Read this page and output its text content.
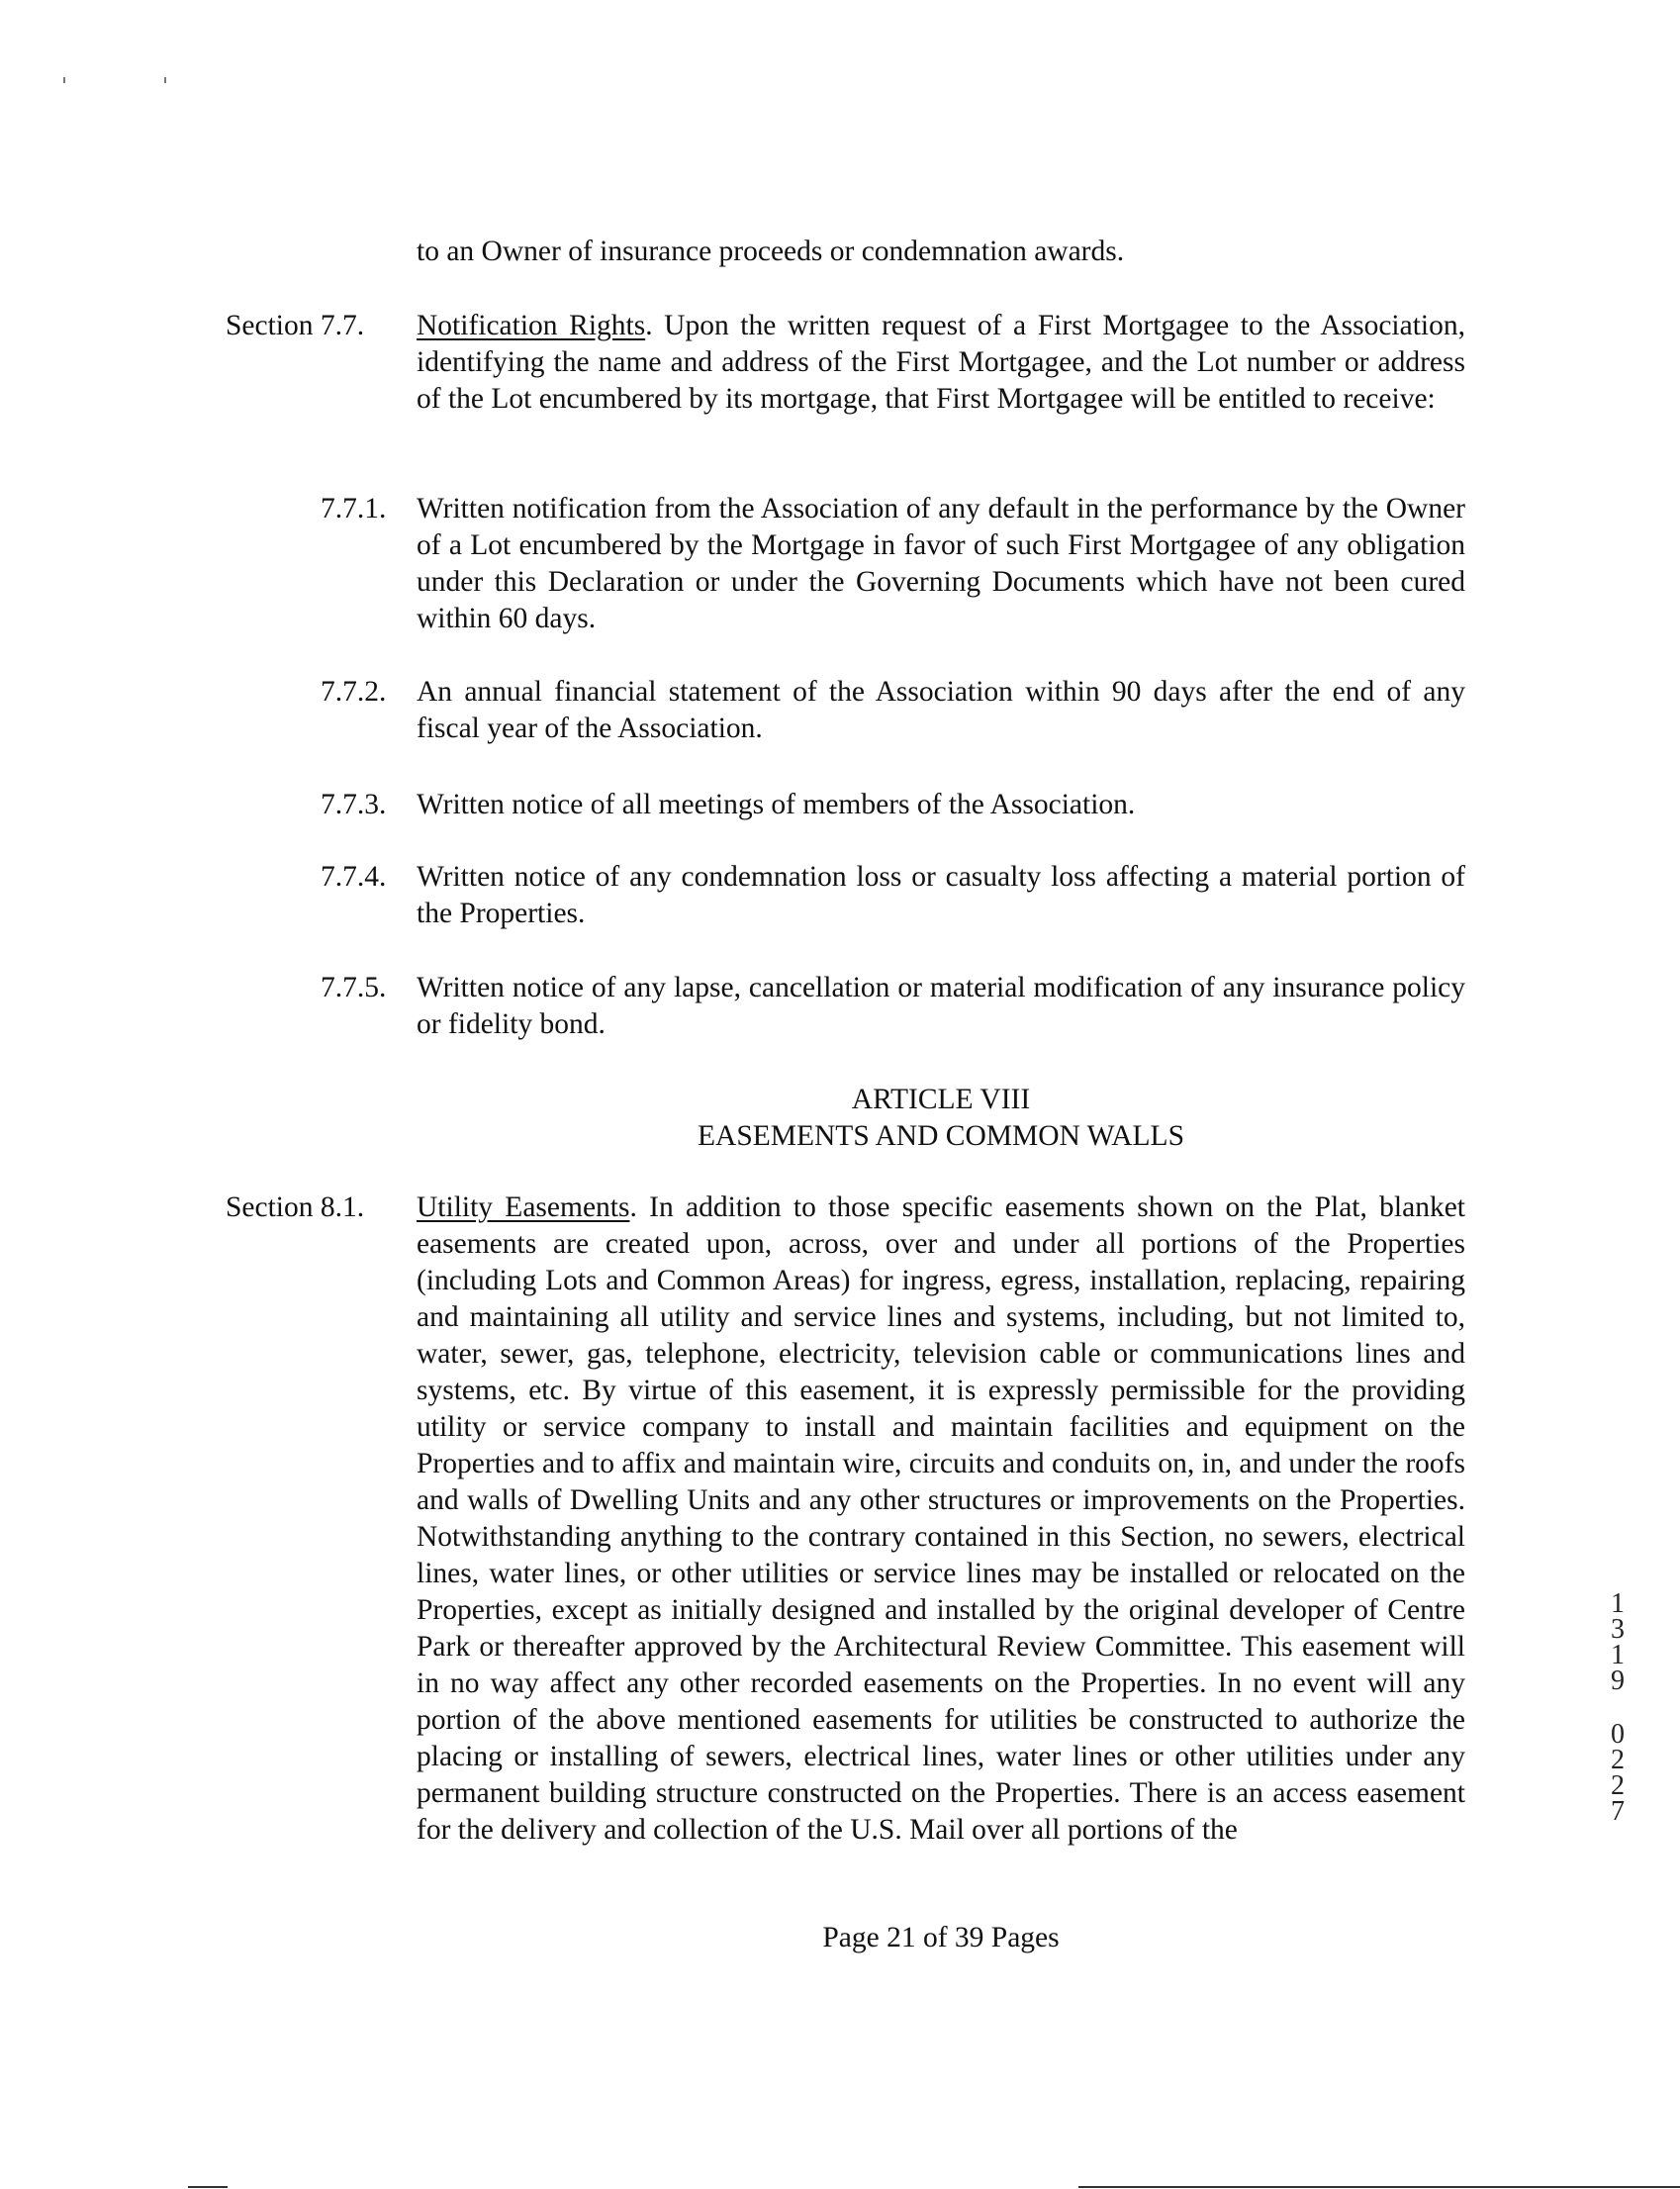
to an Owner of insurance proceeds or condemnation awards.
Section 7.7.	Notification Rights. Upon the written request of a First Mortgagee to the Association, identifying the name and address of the First Mortgagee, and the Lot number or address of the Lot encumbered by its mortgage, that First Mortgagee will be entitled to receive:
7.7.1.	Written notification from the Association of any default in the performance by the Owner of a Lot encumbered by the Mortgage in favor of such First Mortgagee of any obligation under this Declaration or under the Governing Documents which have not been cured within 60 days.
7.7.2.	An annual financial statement of the Association within 90 days after the end of any fiscal year of the Association.
7.7.3.	Written notice of all meetings of members of the Association.
7.7.4.	Written notice of any condemnation loss or casualty loss affecting a material portion of the Properties.
7.7.5.	Written notice of any lapse, cancellation or material modification of any insurance policy or fidelity bond.
ARTICLE VIII
EASEMENTS AND COMMON WALLS
Section 8.1.	Utility Easements. In addition to those specific easements shown on the Plat, blanket easements are created upon, across, over and under all portions of the Properties (including Lots and Common Areas) for ingress, egress, installation, replacing, repairing and maintaining all utility and service lines and systems, including, but not limited to, water, sewer, gas, telephone, electricity, television cable or communications lines and systems, etc. By virtue of this easement, it is expressly permissible for the providing utility or service company to install and maintain facilities and equipment on the Properties and to affix and maintain wire, circuits and conduits on, in, and under the roofs and walls of Dwelling Units and any other structures or improvements on the Properties. Notwithstanding anything to the contrary contained in this Section, no sewers, electrical lines, water lines, or other utilities or service lines may be installed or relocated on the Properties, except as initially designed and installed by the original developer of Centre Park or thereafter approved by the Architectural Review Committee. This easement will in no way affect any other recorded easements on the Properties. In no event will any portion of the above mentioned easements for utilities be constructed to authorize the placing or installing of sewers, electrical lines, water lines or other utilities under any permanent building structure constructed on the Properties. There is an access easement for the delivery and collection of the U.S. Mail over all portions of the
Page 21 of 39 Pages
1
3
1
9
0
2
2
7
